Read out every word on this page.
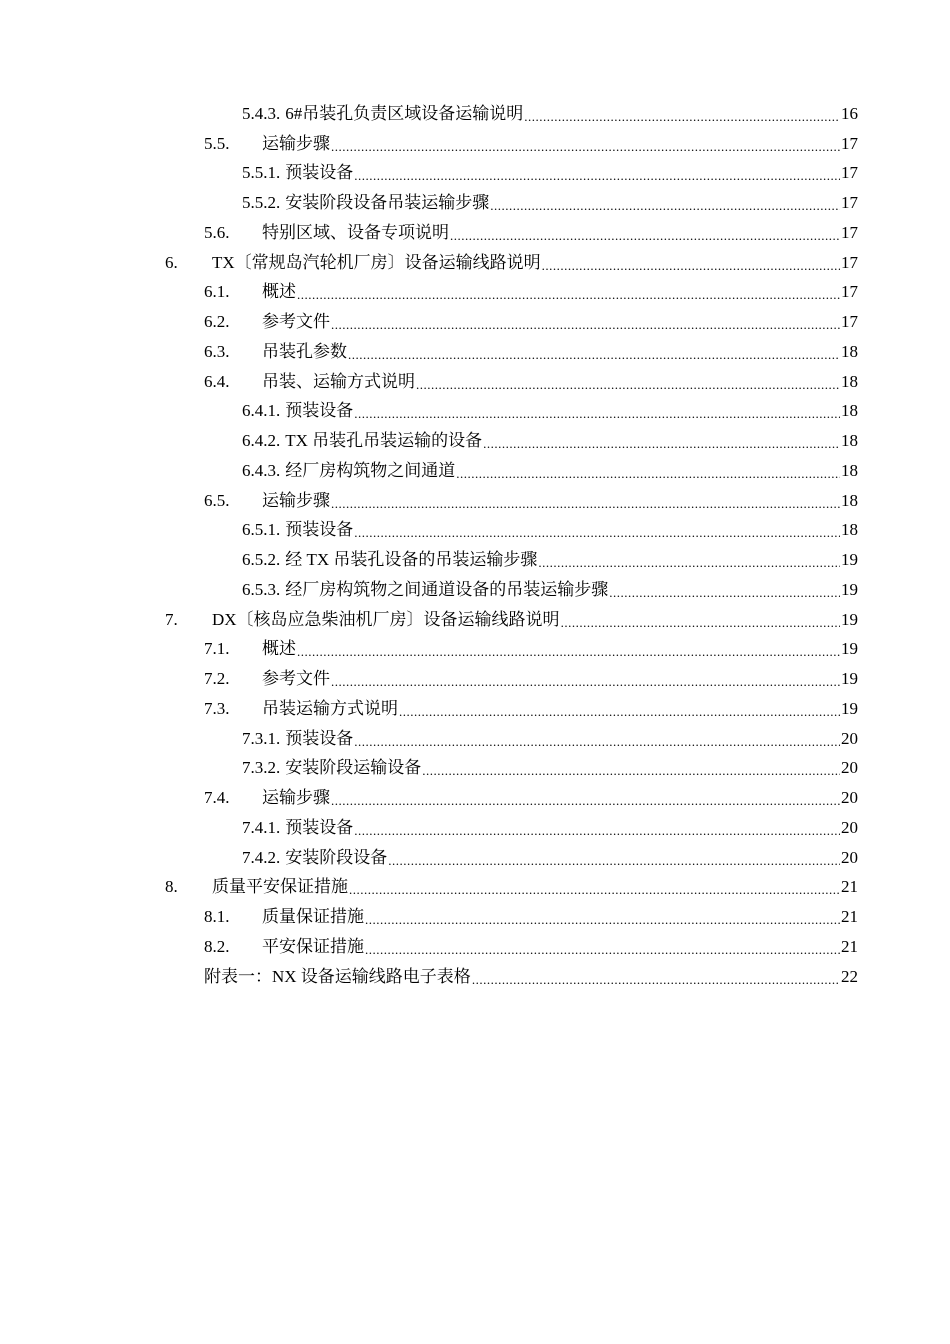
5.4.3. 6#吊装孔负责区域设备运输说明 .....	16
5.5.	运输步骤 .....	17
5.5.1. 预装设备 .....	17
5.5.2. 安装阶段设备吊装运输步骤 .....	17
5.6.	特别区域、设备专项说明 .....	17
6.	TX〔常规岛汽轮机厂房〕设备运输线路说明 .....	17
6.1.	概述 .....	17
6.2.	参考文件 .....	17
6.3.	吊装孔参数 .....	18
6.4.	吊装、运输方式说明 .....	18
6.4.1. 预装设备 .....	18
6.4.2. TX 吊装孔吊装运输的设备 .....	18
6.4.3. 经厂房构筑物之间通道 .....	18
6.5.	运输步骤 .....	18
6.5.1. 预装设备 .....	18
6.5.2. 经 TX 吊装孔设备的吊装运输步骤 .....	19
6.5.3. 经厂房构筑物之间通道设备的吊装运输步骤 .....	19
7.	DX〔核岛应急柴油机厂房〕设备运输线路说明 .....	19
7.1.	概述 .....	19
7.2.	参考文件 .....	19
7.3.	吊装运输方式说明 .....	19
7.3.1. 预装设备 .....	20
7.3.2. 安装阶段运输设备 .....	20
7.4.	运输步骤 .....	20
7.4.1. 预装设备 .....	20
7.4.2. 安装阶段设备 .....	20
8.	质量平安保证措施 .....	21
8.1.	质量保证措施 .....	21
8.2.	平安保证措施 .....	21
附表一：NX 设备运输线路电子表格 .....	22
